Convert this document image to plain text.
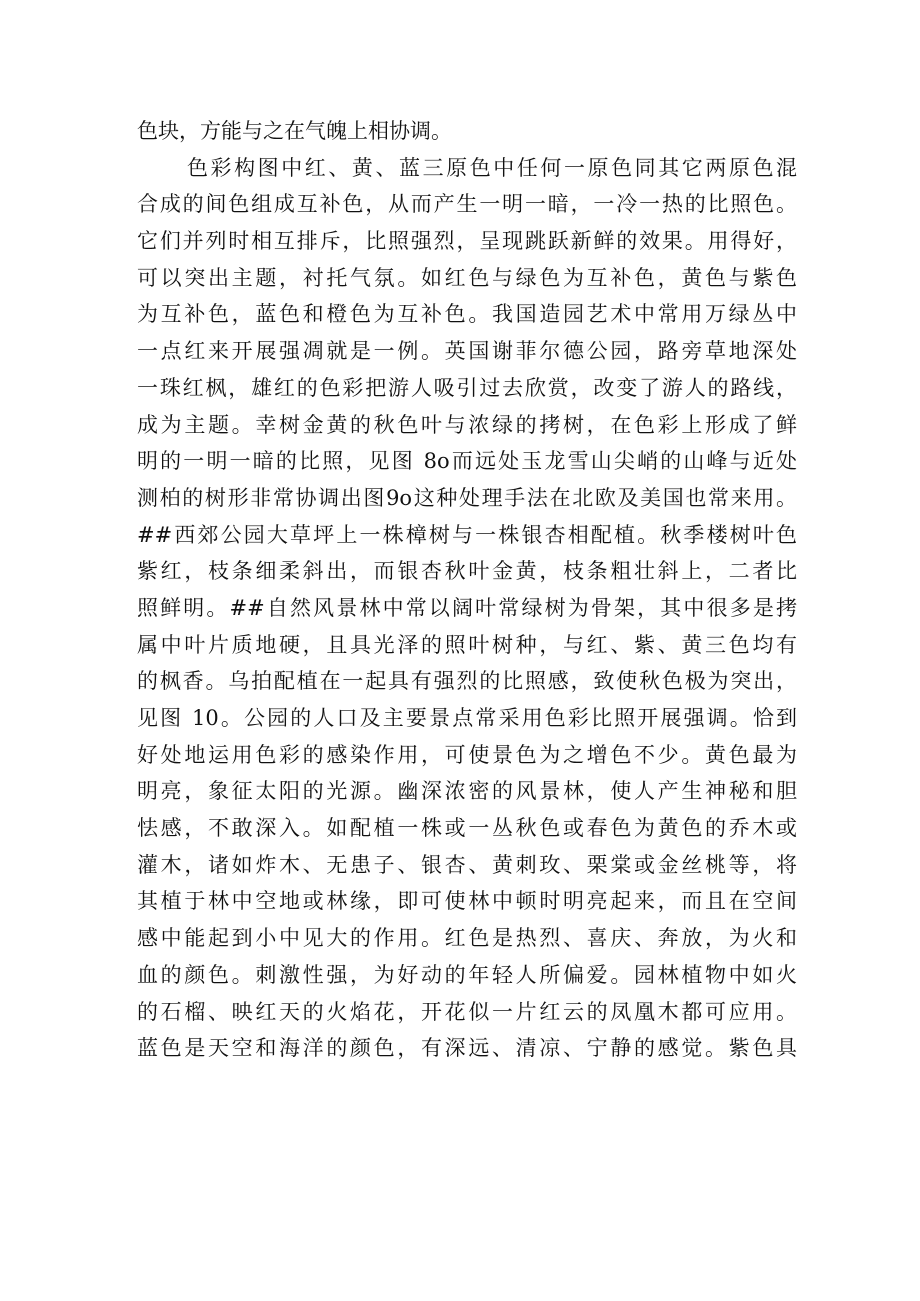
色块，方能与之在气魄上相协调。
色彩构图中红、黄、蓝三原色中任何一原色同其它两原色混
合成的间色组成互补色，从而产生一明一暗，一冷一热的比照色。
它们并列时相互排斥，比照强烈，呈现跳跃新鲜的效果。用得好，
可以突出主题，衬托气氛。如红色与绿色为互补色，黄色与紫色
为互补色，蓝色和橙色为互补色。我国造园艺术中常用万绿丛中
一点红来开展强凋就是一例。英国谢菲尔德公园，路旁草地深处
一珠红枫，雄红的色彩把游人吸引过去欣赏，改变了游人的路线，
成为主题。幸树金黄的秋色叶与浓绿的拷树，在色彩上形成了鲜
明的一明一暗的比照，见图 8o而远处玉龙雪山尖峭的山峰与近处
测柏的树形非常协调出图9o这种处理手法在北欧及美国也常来用。
##西郊公园大草坪上一株樟树与一株银杏相配植。秋季楼树叶色
紫红，枝条细柔斜出，而银杏秋叶金黄，枝条粗壮斜上，二者比
照鲜明。##自然风景林中常以阔叶常绿树为骨架，其中很多是拷
属中叶片质地硬，且具光泽的照叶树种，与红、紫、黄三色均有
的枫香。乌拍配植在一起具有强烈的比照感，致使秋色极为突出，
见图 10。公园的人口及主要景点常采用色彩比照开展强调。恰到
好处地运用色彩的感染作用，可使景色为之增色不少。黄色最为
明亮，象征太阳的光源。幽深浓密的风景林，使人产生神秘和胆
怯感，不敢深入。如配植一株或一丛秋色或春色为黄色的乔木或
灌木，诸如炸木、无患子、银杏、黄刺玫、栗棠或金丝桃等，将
其植于林中空地或林缘，即可使林中顿时明亮起来，而且在空间
感中能起到小中见大的作用。红色是热烈、喜庆、奔放，为火和
血的颜色。刺激性强，为好动的年轻人所偏爱。园林植物中如火
的石榴、映红天的火焰花，开花似一片红云的凤凰木都可应用。
蓝色是天空和海洋的颜色，有深远、清凉、宁静的感觉。紫色具
